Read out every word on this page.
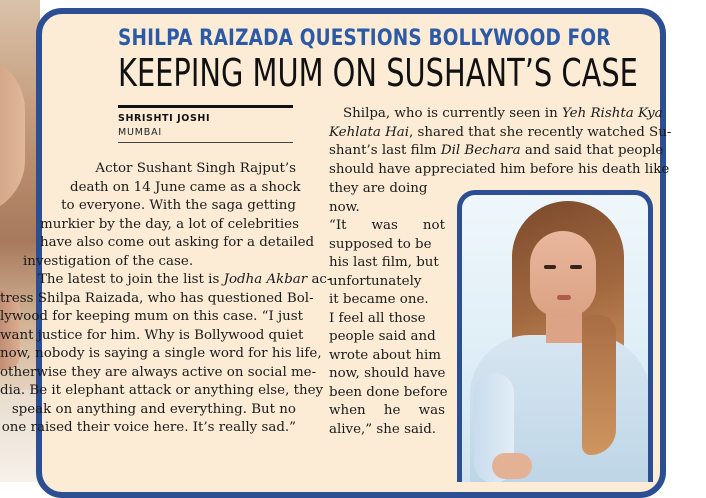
SHILPA RAIZADA QUESTIONS BOLLYWOOD FOR
KEEPING MUM ON SUSHANT’S CASE
SHRISHTI JOSHI
MUMBAI
Actor Sushant Singh Rajput’s
death on 14 June came as a shock
to everyone. With the saga getting
murkier by the day, a lot of celebrities
have also come out asking for a detailed
investigation of the case.
The latest to join the list is Jodha Akbar ac-
tress Shilpa Raizada, who has questioned Bol-
lywood for keeping mum on this case. “I just
want justice for him. Why is Bollywood quiet
now, nobody is saying a single word for his life,
otherwise they are always active on social me-
dia. Be it elephant attack or anything else, they
speak on anything and everything. But no
one raised their voice here. It’s really sad.”
Shilpa, who is currently seen in Yeh Rishta Kya
Kehlata Hai, shared that she recently watched Su-
shant’s last film Dil Bechara and said that people
should have appreciated him before his death like
they are doing
now.
“It was not
supposed to be
his last film, but
unfortunately
it became one.
I feel all those
people said and
wrote about him
now, should have
been done before
when he was
alive,” she said.
